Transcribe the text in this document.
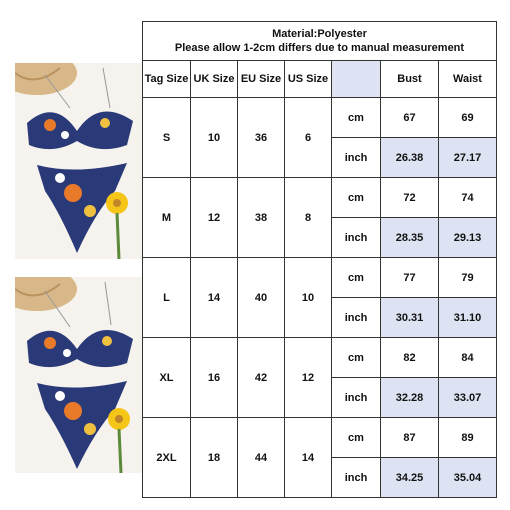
Material:Polyester
Please allow 1-2cm differs due to manual measurement						

Tag Size	UK Size	EU Size	US Size		Bust	Waist
S	10	36	6	cm	67	69
				inch	26.38	27.17
M	12	38	8	cm	72	74
				inch	28.35	29.13
L	14	40	10	cm	77	79
				inch	30.31	31.10
XL	16	42	12	cm	82	84
				inch	32.28	33.07
2XL	18	44	14	cm	87	89
				inch	34.25	35.04
